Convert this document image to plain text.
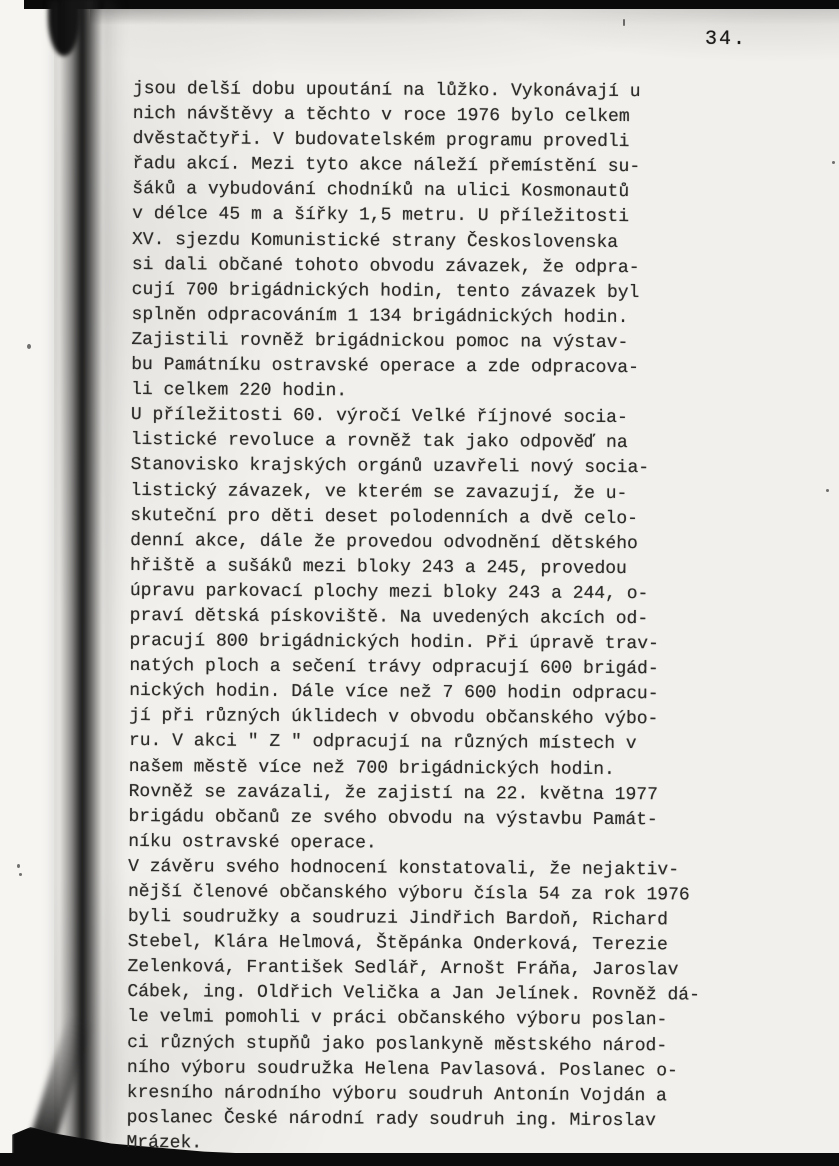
34.
jsou delší dobu upoutání na lůžko. Vykonávají u
nich návštěvy a těchto v roce 1976 bylo celkem
dvěstačtyři. V budovatelském programu provedli
řadu akcí. Mezi tyto akce náleží přemístění su-
šáků a vybudování chodníků na ulici Kosmonautů
v délce 45 m a šířky 1,5 metru. U příležitosti
XV. sjezdu Komunistické strany Československa
si dali občané tohoto obvodu závazek, že odpra-
cují 700 brigádnických hodin, tento závazek byl
splněn odpracováním 1 134 brigádnických hodin.
Zajistili rovněž brigádnickou pomoc na výstav-
bu Památníku ostravské operace a zde odpracova-
li celkem 220 hodin.
U příležitosti 60. výročí Velké říjnové socia-
listické revoluce a rovněž tak jako odpověď na
Stanovisko krajských orgánů uzavřeli nový socia-
listický závazek, ve kterém se zavazují, že u-
skuteční pro děti deset polodenních a dvě celo-
denní akce, dále že provedou odvodnění dětského
hřiště a sušáků mezi bloky 243 a 245, provedou
úpravu parkovací plochy mezi bloky 243 a 244, o-
praví dětská pískoviště. Na uvedených akcích od-
pracují 800 brigádnických hodin. Při úpravě trav-
natých ploch a sečení trávy odpracují 600 brigád-
nických hodin. Dále více než 7 600 hodin odpracu-
jí při různých úklidech v obvodu občanského výbo-
ru. V akci " Z " odpracují na různých místech v
našem městě více než 700 brigádnických hodin.
Rovněž se zavázali, že zajistí na 22. května 1977
brigádu občanů ze svého obvodu na výstavbu Památ-
níku ostravské operace.
V závěru svého hodnocení konstatovali, že nejaktiv-
nější členové občanského výboru čísla 54 za rok 1976
byli soudružky a soudruzi Jindřich Bardoň, Richard
Stebel, Klára Helmová, Štěpánka Onderková, Terezie
Zelenková, František Sedlář, Arnošt Fráňa, Jaroslav
Cábek, ing. Oldřich Velička a Jan Jelínek. Rovněž dá-
le velmi pomohli v práci občanského výboru poslan-
ci různých stupňů jako poslankyně městského národ-
ního výboru soudružka Helena Pavlasová. Poslanec o-
kresního národního výboru soudruh Antonín Vojdán a
poslanec České národní rady soudruh ing. Miroslav
Mrázek.
